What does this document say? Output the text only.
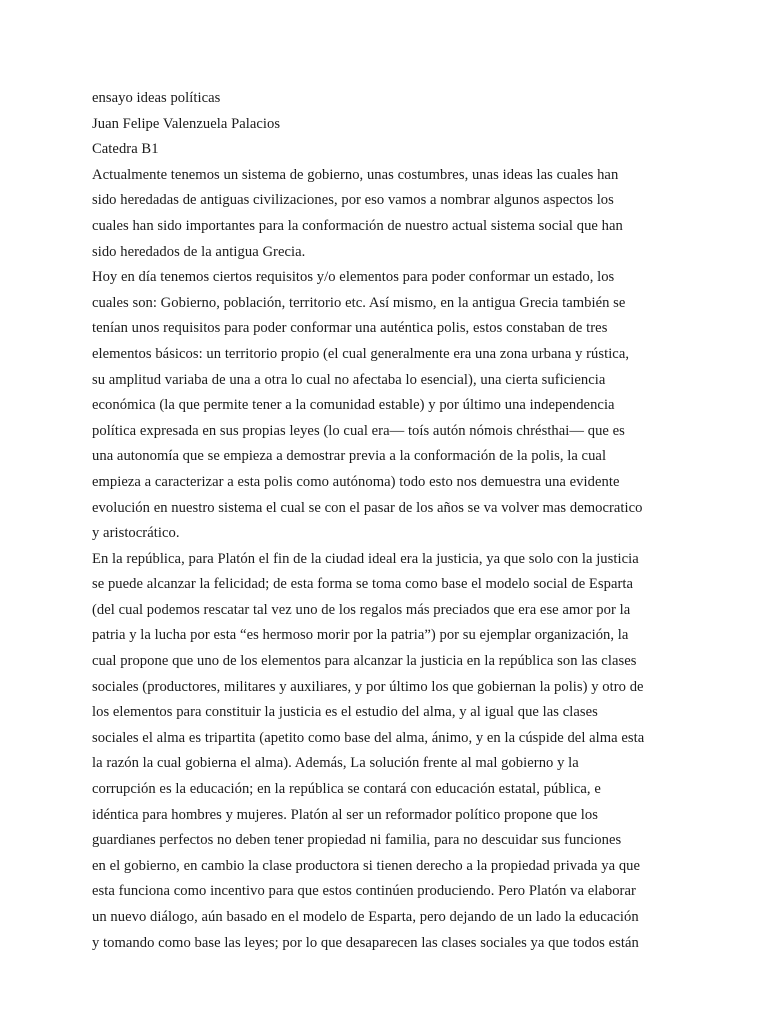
ensayo ideas políticas
Juan Felipe Valenzuela Palacios
Catedra B1
Actualmente tenemos un sistema de gobierno, unas costumbres, unas ideas las cuales han
sido heredadas de antiguas civilizaciones, por eso vamos a nombrar algunos aspectos los
cuales han sido importantes para la conformación de nuestro actual sistema social que han
sido heredados de la antigua Grecia.
Hoy en día tenemos ciertos requisitos y/o elementos para poder conformar un estado, los
cuales son: Gobierno, población, territorio etc. Así mismo, en la antigua Grecia también se
tenían unos requisitos para poder conformar una auténtica polis, estos constaban de tres
elementos básicos: un territorio propio (el cual generalmente era una zona urbana y rústica,
su amplitud variaba de una a otra lo cual no afectaba lo esencial), una cierta suficiencia
económica (la que permite tener a la comunidad estable) y por último una independencia
política expresada en sus propias leyes (lo cual era— toís autón nómois chrésthai— que es
una autonomía que se empieza a demostrar previa a la conformación de la polis, la cual
empieza a caracterizar a esta polis como autónoma) todo esto nos demuestra una evidente
evolución en nuestro sistema el cual se con el pasar de los años se va volver mas democratico
y aristocrático.
En la república, para Platón el fin de la ciudad ideal era la justicia, ya que solo con la justicia
se puede alcanzar la felicidad; de esta forma se toma como base el modelo social de Esparta
(del cual podemos rescatar tal vez uno de los regalos más preciados que era ese amor por la
patria y la lucha por esta “es hermoso morir por la patria”) por su ejemplar organización, la
cual propone que uno de los elementos para alcanzar la justicia en la república son las clases
sociales (productores, militares y auxiliares, y por último los que gobiernan la polis) y otro de
los elementos para constituir la justicia es el estudio del alma, y al igual que las clases
sociales el alma es tripartita (apetito como base del alma, ánimo, y en la cúspide del alma esta
la razón la cual gobierna el alma). Además, La solución frente al mal gobierno y la
corrupción es la educación; en la república se contará con educación estatal, pública, e
idéntica para hombres y mujeres. Platón al ser un reformador político propone que los
guardianes perfectos no deben tener propiedad ni familia, para no descuidar sus funciones
en el gobierno, en cambio la clase productora si tienen derecho a la propiedad privada ya que
esta funciona como incentivo para que estos continúen produciendo. Pero Platón va elaborar
un nuevo diálogo, aún basado en el modelo de Esparta, pero dejando de un lado la educación
y tomando como base las leyes; por lo que desaparecen las clases sociales ya que todos están
